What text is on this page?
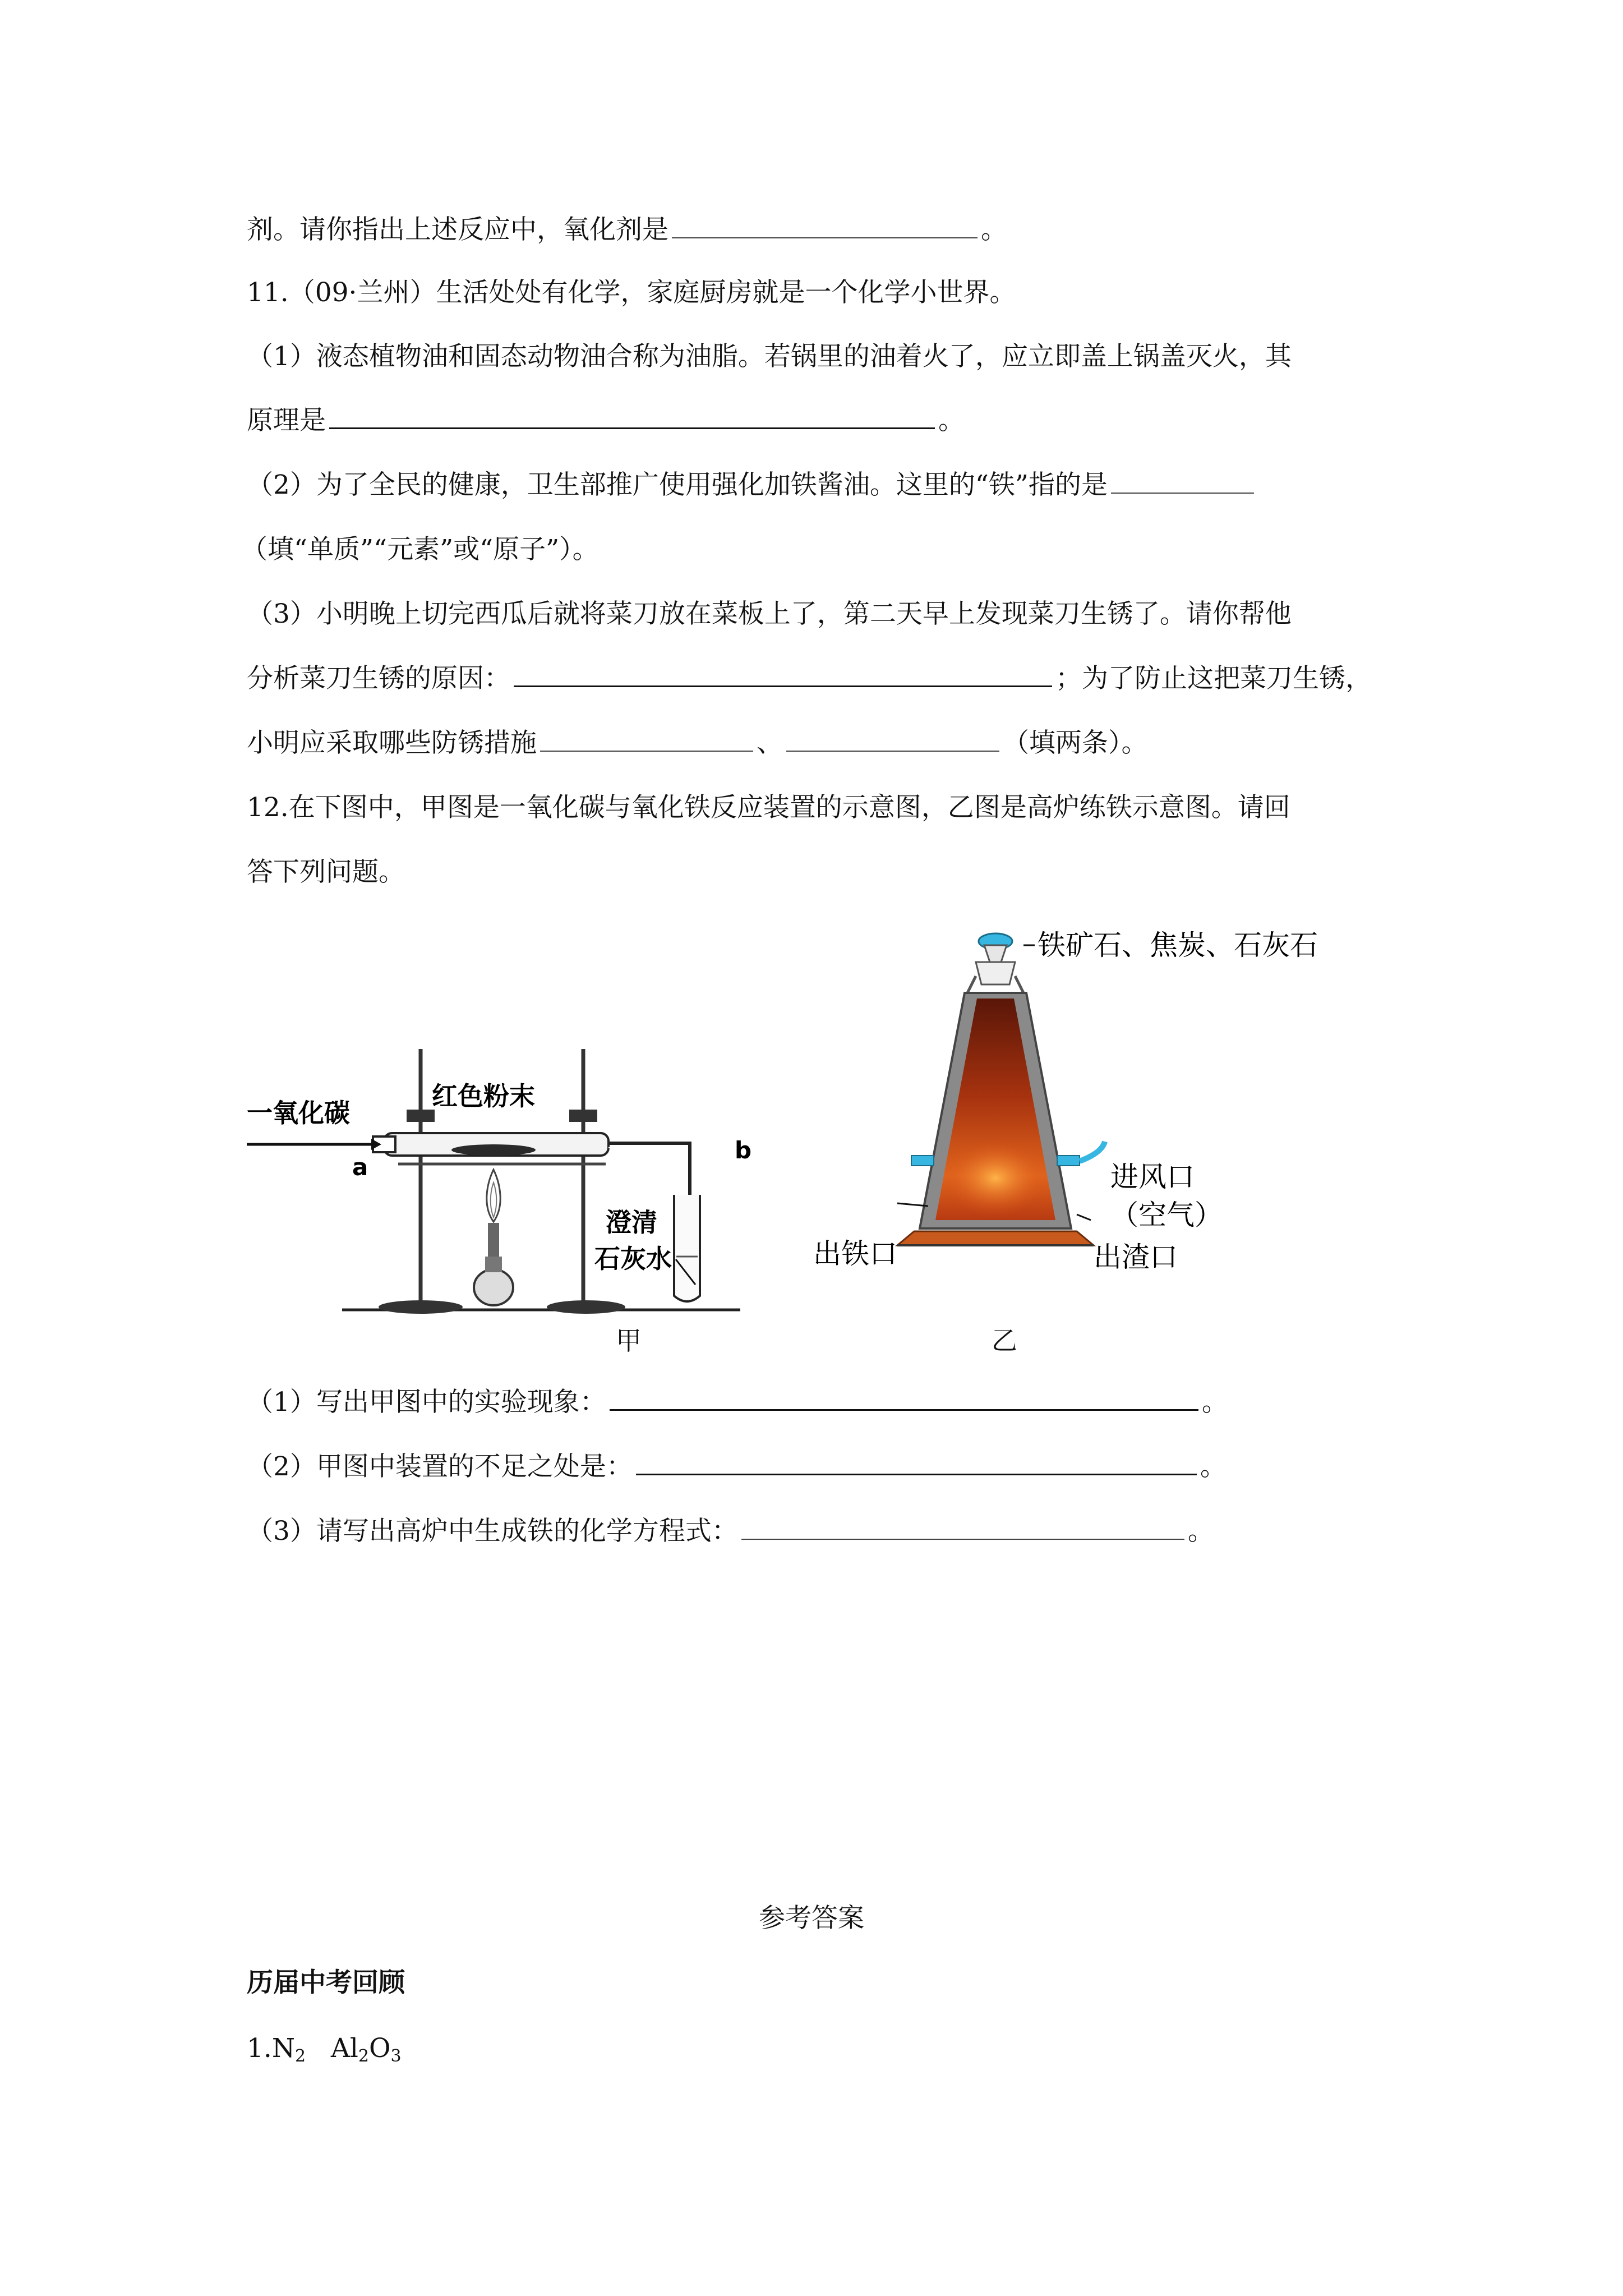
剂。请你指出上述反应中，氧化剂是	。
11.（09·兰州）生活处处有化学，家庭厨房就是一个化学小世界。
（1）液态植物油和固态动物油合称为油脂。若锅里的油着火了，应立即盖上锅盖灭火，其
原理是	。
（2）为了全民的健康，卫生部推广使用强化加铁酱油。这里的“铁”指的是
（填“单质”“元素”或“原子”）。
（3）小明晚上切完西瓜后就将菜刀放在菜板上了，第二天早上发现菜刀生锈了。请你帮他
分析菜刀生锈的原因：	；为了防止这把菜刀生锈，
小明应采取哪些防锈措施	、	（填两条）。
12.在下图中，甲图是一氧化碳与氧化铁反应装置的示意图，乙图是高炉练铁示意图。请回
答下列问题。
一氧化碳
红色粉末
a
b
澄清
石灰水
甲
铁矿石、焦炭、石灰石
进风口
（空气）
出铁口	出渣口
乙
（1）写出甲图中的实验现象：	。
（2）甲图中装置的不足之处是：	。
（3）请写出高炉中生成铁的化学方程式：	。
参考答案
历届中考回顾
$1.N_2$ $Al_2O_3$
